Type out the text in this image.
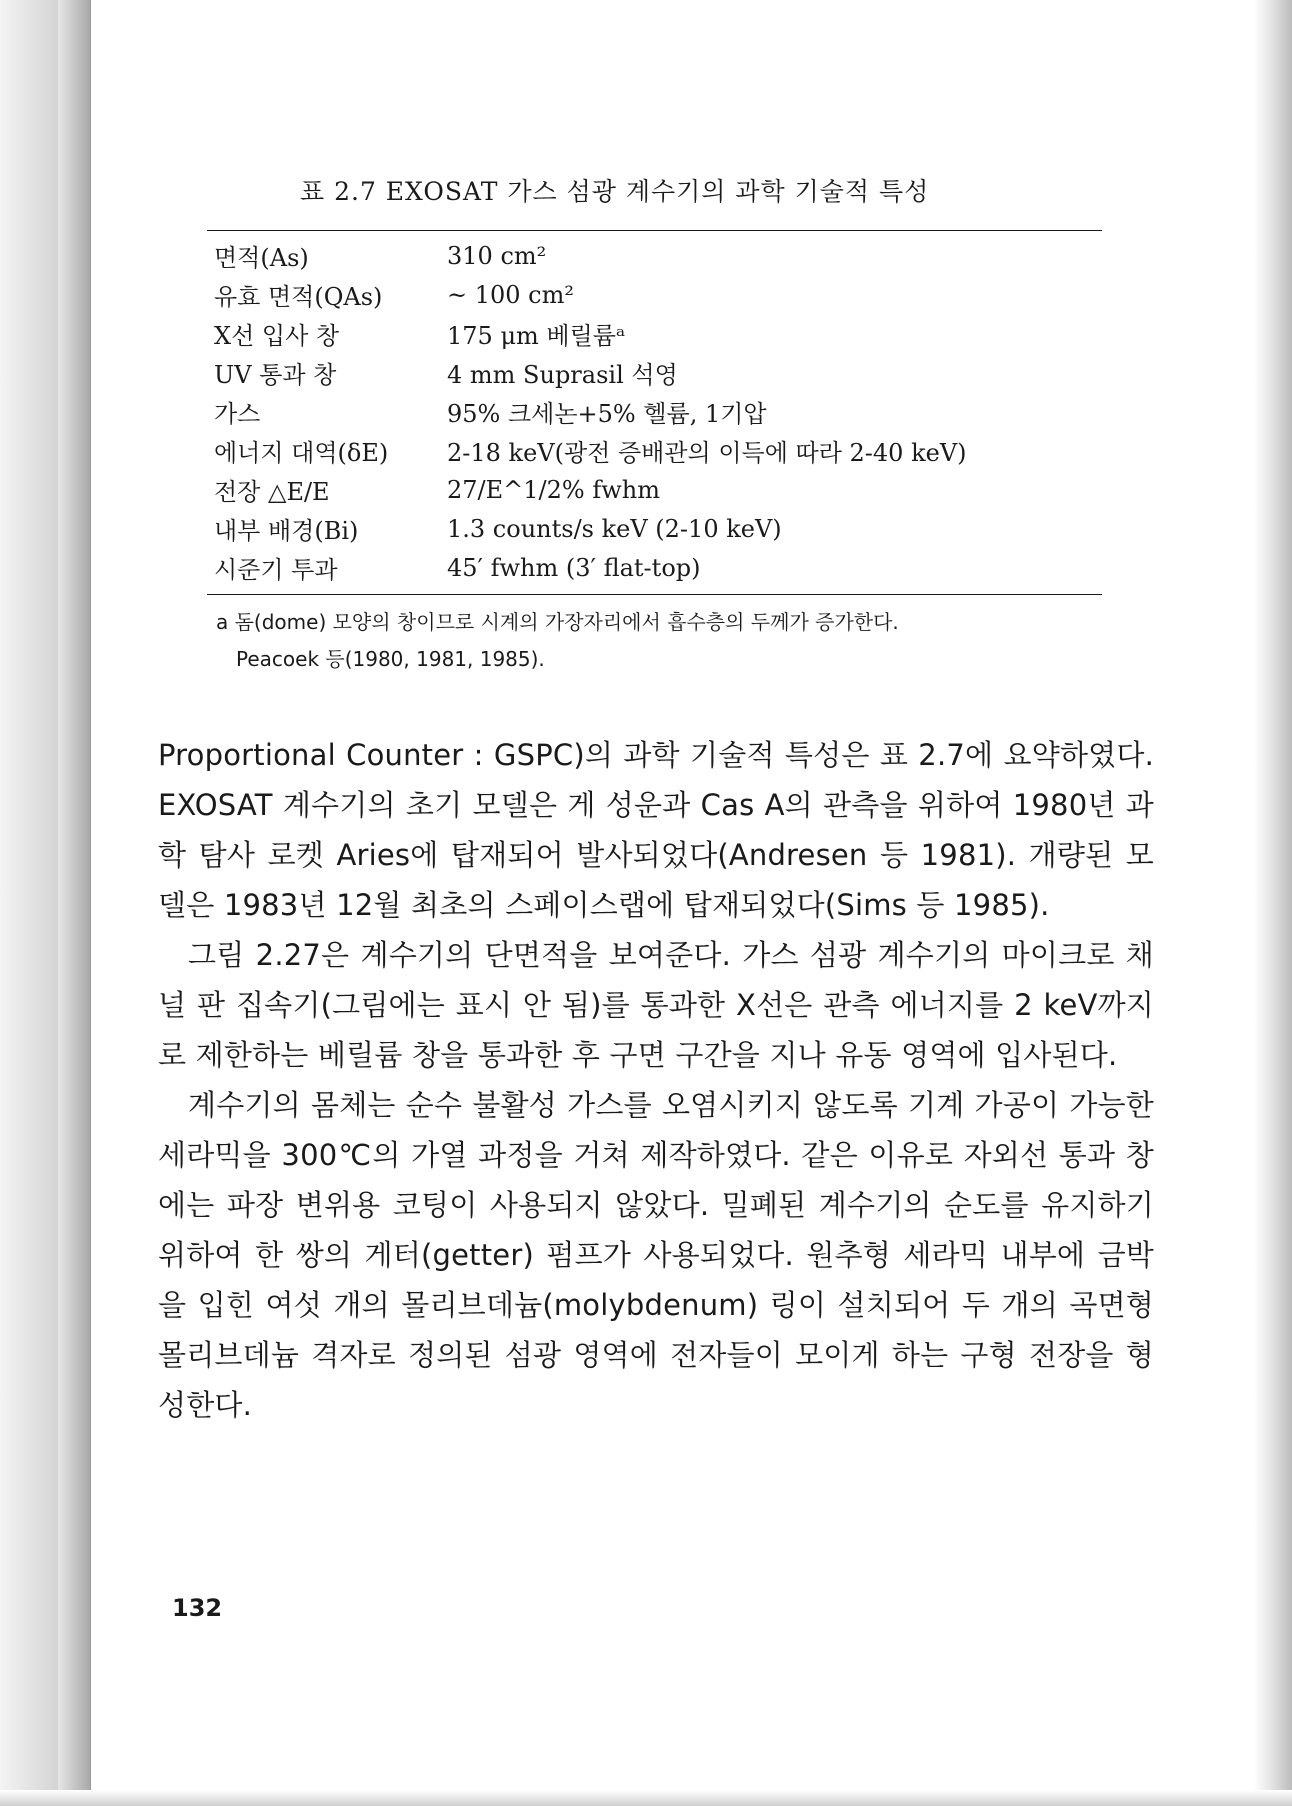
표 2.7 EXOSAT 가스 섬광 계수기의 과학 기술적 특성
면적(As)	310 cm²
유효 면적(QAs)	~ 100 cm²
X선 입사 창	175 μm 베릴륨ᵃ
UV 통과 창	4 mm Suprasil 석영
가스	95% 크세논+5% 헬륨, 1기압
에너지 대역(δE)	2-18 keV(광전 증배관의 이득에 따라 2-40 keV)
전장 △E/E	27/E^1/2% fwhm
내부 배경(Bi)	1.3 counts/s keV (2-10 keV)
시준기 투과	45′ fwhm (3′ flat-top)

a 돔(dome) 모양의 창이므로 시계의 가장자리에서 흡수층의 두께가 증가한다.

Peacoek 등(1980, 1981, 1985).

Proportional Counter : GSPC)의 과학 기술적 특성은 표 2.7에 요약하였다. EXOSAT 계수기의 초기 모델은 게 성운과 Cas A의 관측을 위하여 1980년 과학 탐사 로켓 Aries에 탑재되어 발사되었다(Andresen 등 1981). 개량된 모델은 1983년 12월 최초의 스페이스랩에 탑재되었다(Sims 등 1985).

그림 2.27은 계수기의 단면적을 보여준다. 가스 섬광 계수기의 마이크로 채널 판 집속기(그림에는 표시 안 됨)를 통과한 X선은 관측 에너지를 2 keV까지로 제한하는 베릴륨 창을 통과한 후 구면 구간을 지나 유동 영역에 입사된다.

계수기의 몸체는 순수 불활성 가스를 오염시키지 않도록 기계 가공이 가능한 세라믹을 300℃의 가열 과정을 거쳐 제작하였다. 같은 이유로 자외선 통과 창에는 파장 변위용 코팅이 사용되지 않았다. 밀폐된 계수기의 순도를 유지하기 위하여 한 쌍의 게터(getter) 펌프가 사용되었다. 원추형 세라믹 내부에 금박을 입힌 여섯 개의 몰리브데늄(molybdenum) 링이 설치되어 두 개의 곡면형 몰리브데늄 격자로 정의된 섬광 영역에 전자들이 모이게 하는 구형 전장을 형성한다.

132
